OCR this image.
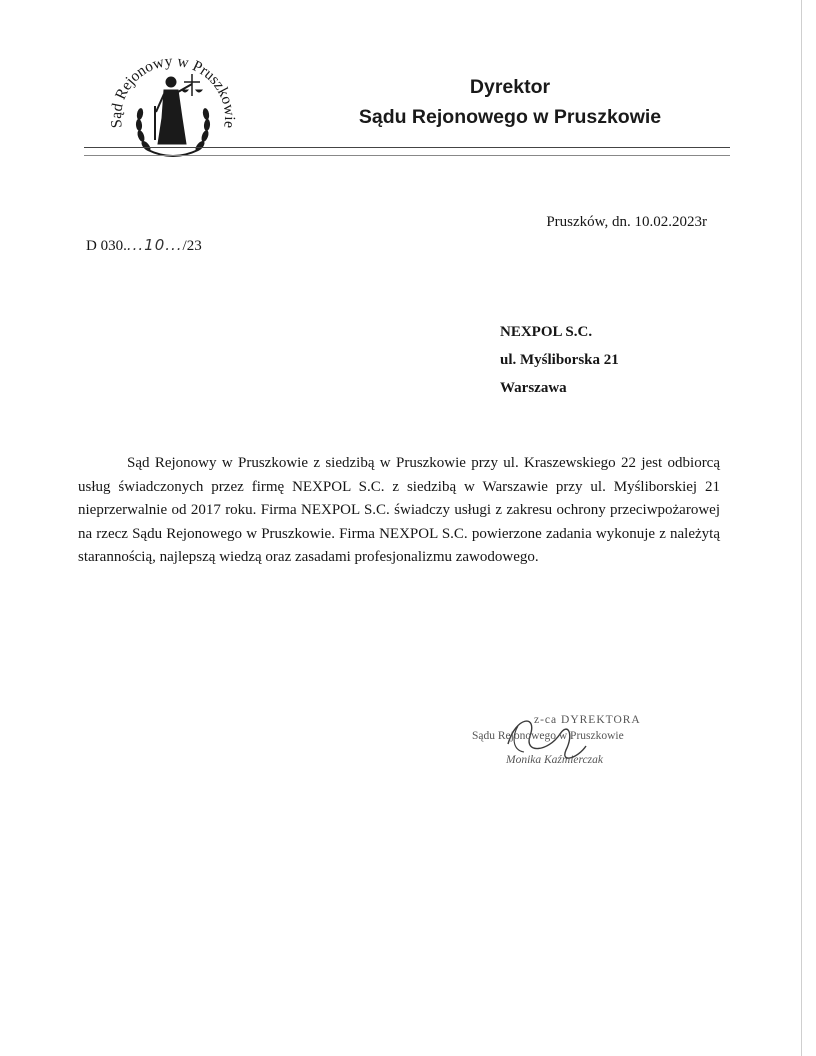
Sąd Rejonowy w Pruszkowie
Dyrektor
Sądu Rejonowego w Pruszkowie
Pruszków, dn. 10.02.2023r
D 030....10.../23
NEXPOL S.C.
ul. Myśliborska 21
Warszawa

Sąd Rejonowy w Pruszkowie z siedzibą w Pruszkowie przy ul. Kraszewskiego 22 jest odbiorcą usług świadczonych przez firmę NEXPOL S.C. z siedzibą w Warszawie przy ul. Myśliborskiej 21 nieprzerwalnie od 2017 roku. Firma NEXPOL S.C. świadczy usługi z zakresu ochrony przeciwpożarowej na rzecz Sądu Rejonowego w Pruszkowie. Firma NEXPOL S.C. powierzone zadania wykonuje z należytą starannością, najlepszą wiedzą oraz zasadami profesjonalizmu zawodowego.

z-ca DYREKTORA
Sądu Rejonowego w Pruszkowie
Monika Kaźmierczak
